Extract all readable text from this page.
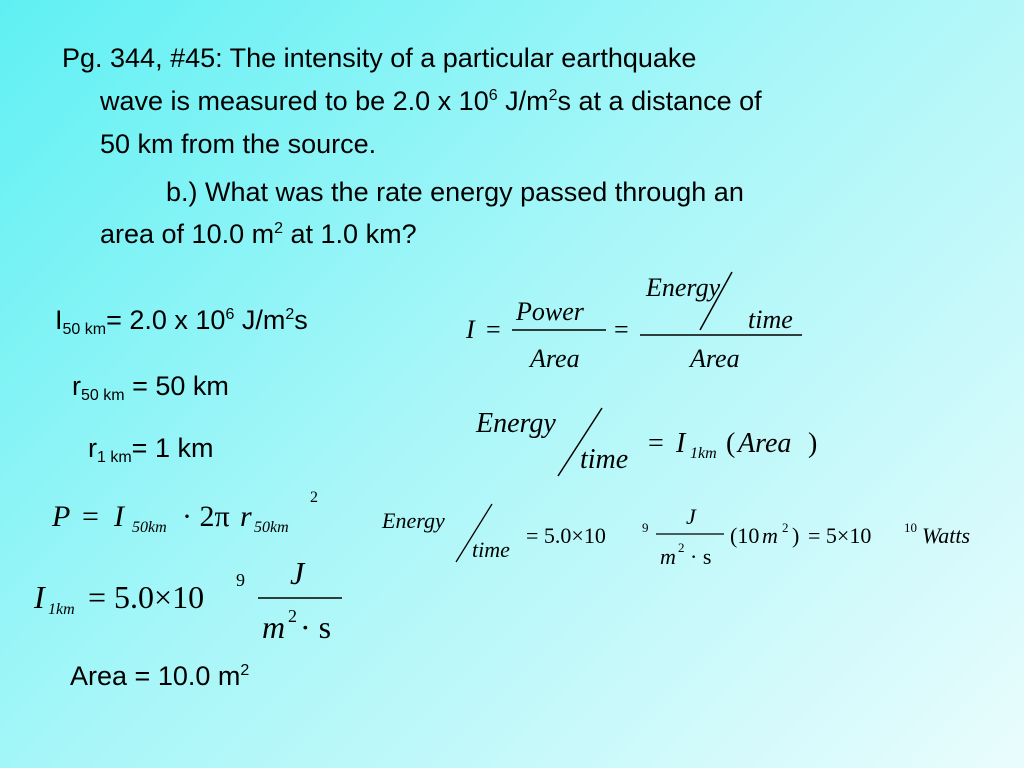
Pg. 344, #45: The intensity of a particular earthquake
wave is measured to be 2.0 x $10^6$ $J/m^2s$ at a distance of
50 km from the source.
b.) What was the rate energy passed through an
area of 10.0 $m^2$ at 1.0 km?
$I_{50 km}= 2.0$ x $10^6$ $J/m^2s$
$r_{50 km} = 50$ km
$r_{1 km}= 1$ km
Area = 10.0 $m^2$
I =
Power
Area
=
Energy
time
Area
Energy
time
= I 1km ( Area )
Energy
time
= 5.0×10	9 J
m 2 · s
(10 m 2 ) = 5×10	10 Watts
P = I 50km · 2π r 50km
2
I 1km = 5.0×10 9 J
m 2 · s
